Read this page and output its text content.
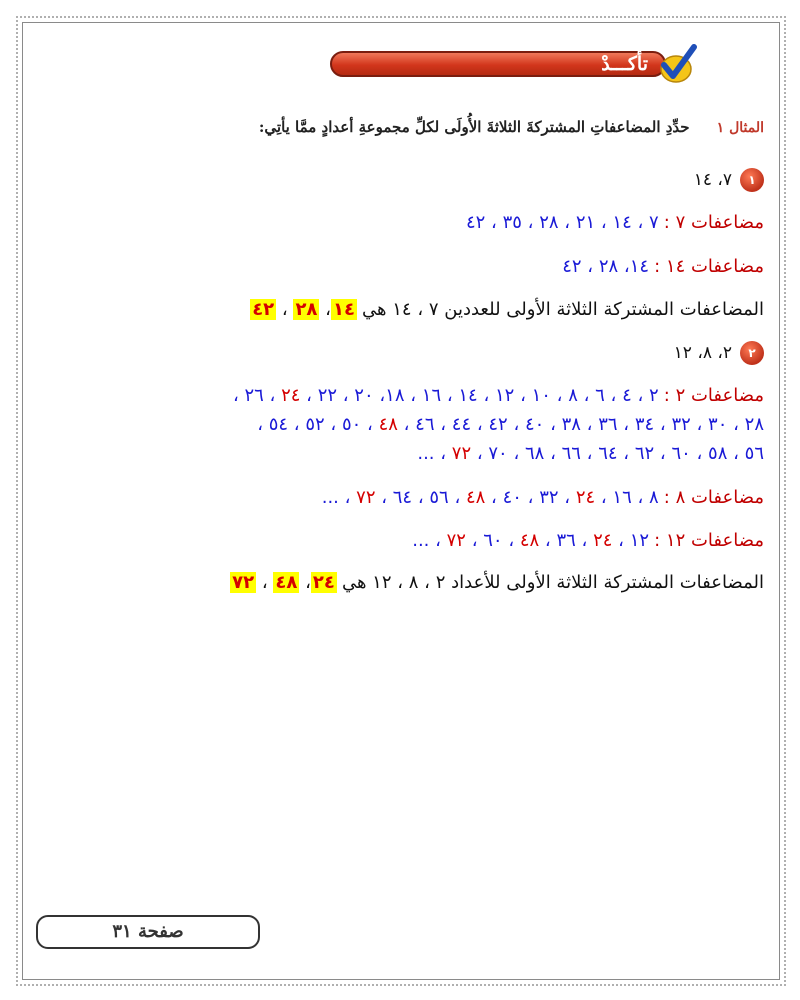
تأكـــدْ
المثال ١ حدِّدِ المضاعفاتِ المشتركةَ الثلاثةَ الأُولَى لكلِّ مجموعةِ أعدادٍ ممَّا يأتِي:
١٧، ١٤
مضاعفات ٧ : ٧ ، ١٤ ، ٢١ ، ٢٨ ، ٣٥ ، ٤٢
مضاعفات ١٤ : ١٤، ٢٨ ، ٤٢
المضاعفات المشتركة الثلاثة الأولى للعددين ٧ ، ١٤ هي ١٤، ٢٨ ، ٤٢
٢٢، ٨، ١٢
مضاعفات ٢ : ٢ ، ٤ ، ٦ ، ٨ ، ١٠ ، ١٢ ، ١٤ ، ١٦ ، ١٨، ٢٠ ، ٢٢ ، ٢٤ ، ٢٦ ،
٢٨ ، ٣٠ ، ٣٢ ، ٣٤ ، ٣٦ ، ٣٨ ، ٤٠ ، ٤٢ ، ٤٤ ، ٤٦ ، ٤٨ ، ٥٠ ، ٥٢ ، ٥٤ ،
٥٦ ، ٥٨ ، ٦٠ ، ٦٢ ، ٦٤ ، ٦٦ ، ٦٨ ، ٧٠ ، ٧٢ ، ...
مضاعفات ٨ : ٨ ، ١٦ ، ٢٤ ، ٣٢ ، ٤٠ ، ٤٨ ، ٥٦ ، ٦٤ ، ٧٢ ، ...
مضاعفات ١٢ : ١٢ ، ٢٤ ، ٣٦ ، ٤٨ ، ٦٠ ، ٧٢ ، ...
المضاعفات المشتركة الثلاثة الأولى للأعداد ٢ ، ٨ ، ١٢ هي ٢٤، ٤٨ ، ٧٢
صفحة ٣١
